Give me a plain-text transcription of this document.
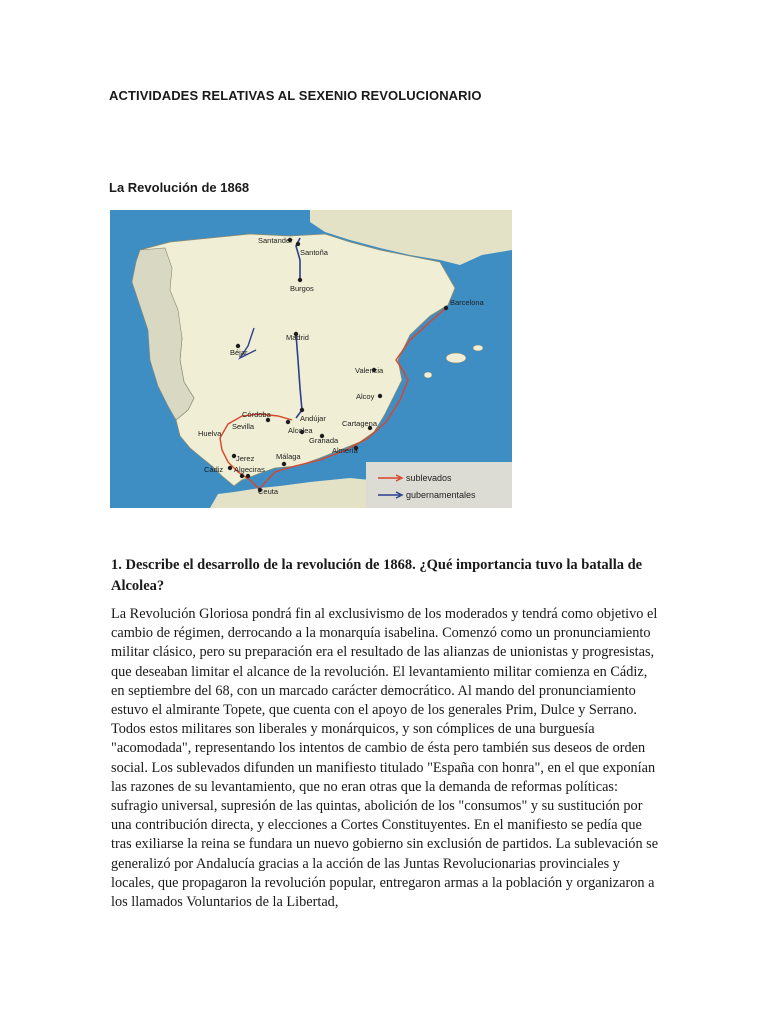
ACTIVIDADES RELATIVAS AL SEXENIO REVOLUCIONARIO
La Revolución de 1868
Santander
Santoña
Burgos
Barcelona
Madrid
Béjar
Valencia
Alcoy
Córdoba
Sevilla
Andújar
Alcolea
Huelva
Granada
Cartagena
Almería
Jerez
Cádiz Algeciras
Málaga
Ceuta
sublevados
gubernamentales
1. Describe el desarrollo de la revolución de 1868. ¿Qué importancia tuvo la batalla de Alcolea?
La Revolución Gloriosa pondrá fin al exclusivismo de los moderados y tendrá como objetivo el cambio de régimen, derrocando a la monarquía isabelina. Comenzó como un pronunciamiento militar clásico, pero su preparación era el resultado de las alianzas de unionistas y progresistas, que deseaban limitar el alcance de la revolución. El levantamiento militar comienza en Cádiz, en septiembre del 68, con un marcado carácter democrático. Al mando del pronunciamiento estuvo el almirante Topete, que cuenta con el apoyo de los generales Prim, Dulce y Serrano. Todos estos militares son liberales y monárquicos, y son cómplices de una burguesía "acomodada", representando los intentos de cambio de ésta pero también sus deseos de orden social. Los sublevados difunden un manifiesto titulado "España con honra", en el que exponían las razones de su levantamiento, que no eran otras que la demanda de reformas políticas: sufragio universal, supresión de las quintas, abolición de los "consumos" y su sustitución por una contribución directa, y elecciones a Cortes Constituyentes. En el manifiesto se pedía que tras exiliarse la reina se fundara un nuevo gobierno sin exclusión de partidos. La sublevación se generalizó por Andalucía gracias a la acción de las Juntas Revolucionarias provinciales y locales, que propagaron la revolución popular, entregaron armas a la población y organizaron a los llamados Voluntarios de la Libertad,
